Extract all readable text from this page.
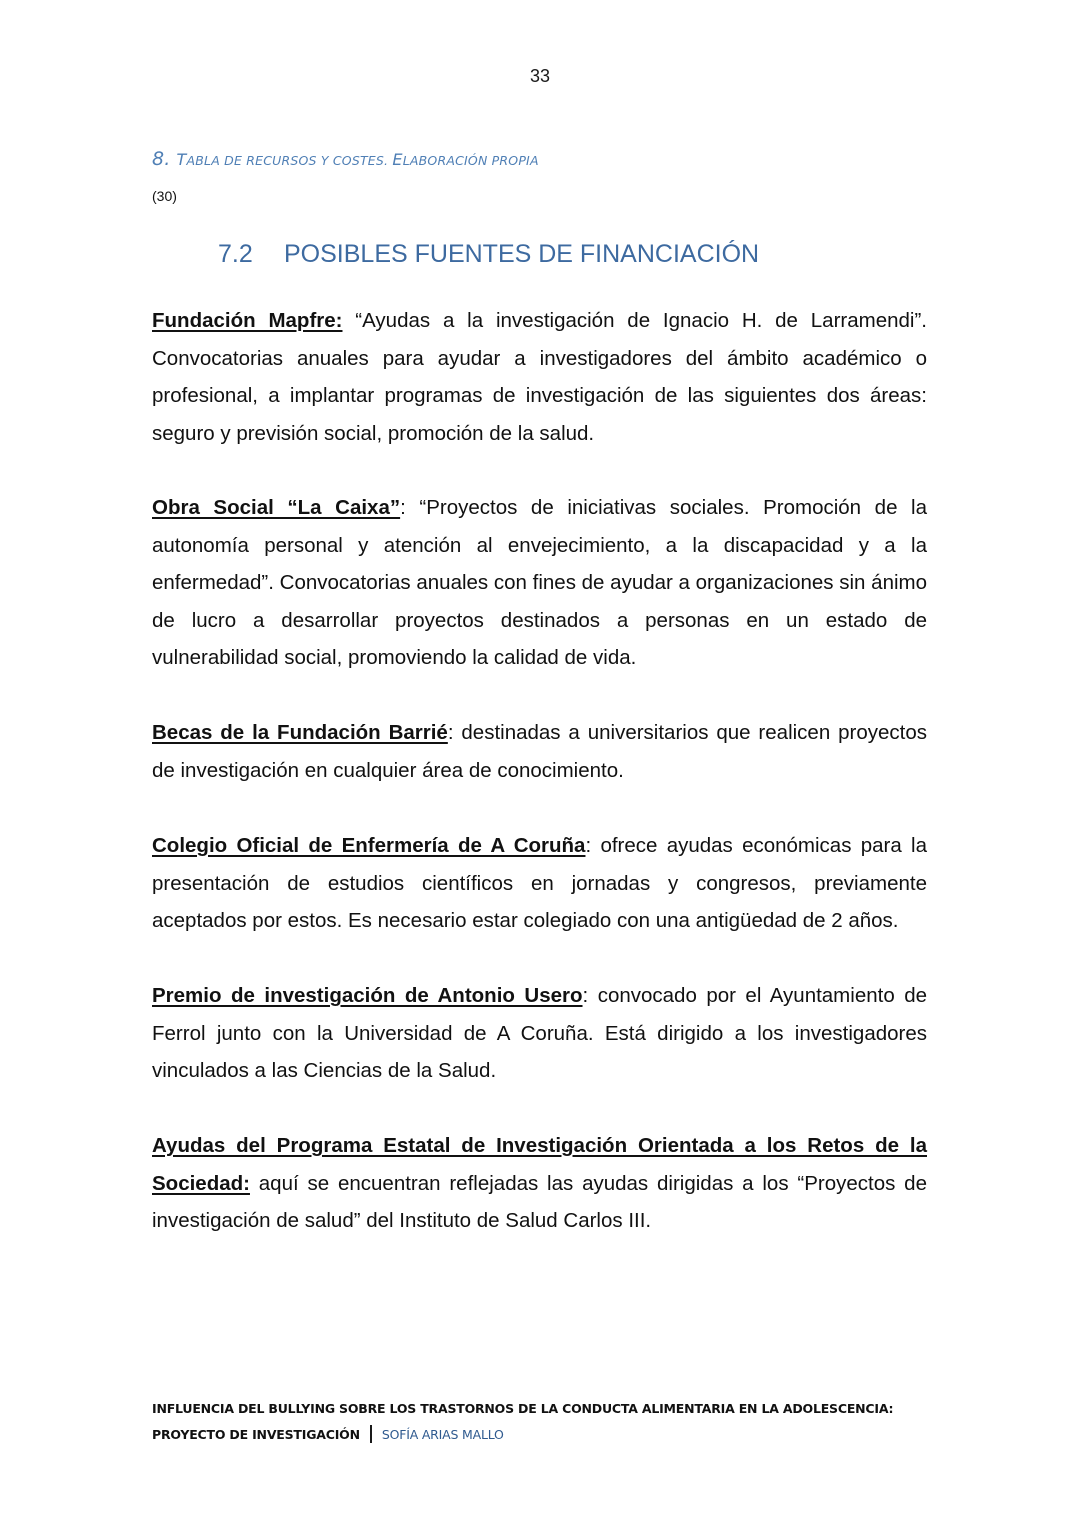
33
8. TABLA DE RECURSOS Y COSTES. ELABORACIÓN PROPIA
(30)
7.2 POSIBLES FUENTES DE FINANCIACIÓN

Fundación Mapfre: “Ayudas a la investigación de Ignacio H. de Larramendi”. Convocatorias anuales para ayudar a investigadores del ámbito académico o profesional, a implantar programas de investigación de las siguientes dos áreas: seguro y previsión social, promoción de la salud.

Obra Social “La Caixa”: “Proyectos de iniciativas sociales. Promoción de la autonomía personal y atención al envejecimiento, a la discapacidad y a la enfermedad”. Convocatorias anuales con fines de ayudar a organizaciones sin ánimo de lucro a desarrollar proyectos destinados a personas en un estado de vulnerabilidad social, promoviendo la calidad de vida.

Becas de la Fundación Barrié: destinadas a universitarios que realicen proyectos de investigación en cualquier área de conocimiento.

Colegio Oficial de Enfermería de A Coruña: ofrece ayudas económicas para la presentación de estudios científicos en jornadas y congresos, previamente aceptados por estos. Es necesario estar colegiado con una antigüedad de 2 años.

Premio de investigación de Antonio Usero: convocado por el Ayuntamiento de Ferrol junto con la Universidad de A Coruña. Está dirigido a los investigadores vinculados a las Ciencias de la Salud.

Ayudas del Programa Estatal de Investigación Orientada a los Retos de la Sociedad: aquí se encuentran reflejadas las ayudas dirigidas a los “Proyectos de investigación de salud” del Instituto de Salud Carlos III.

INFLUENCIA DEL BULLYING SOBRE LOS TRASTORNOS DE LA CONDUCTA ALIMENTARIA EN LA ADOLESCENCIA:
PROYECTO DE INVESTIGACIÓN SOFÍA ARIAS MALLO
